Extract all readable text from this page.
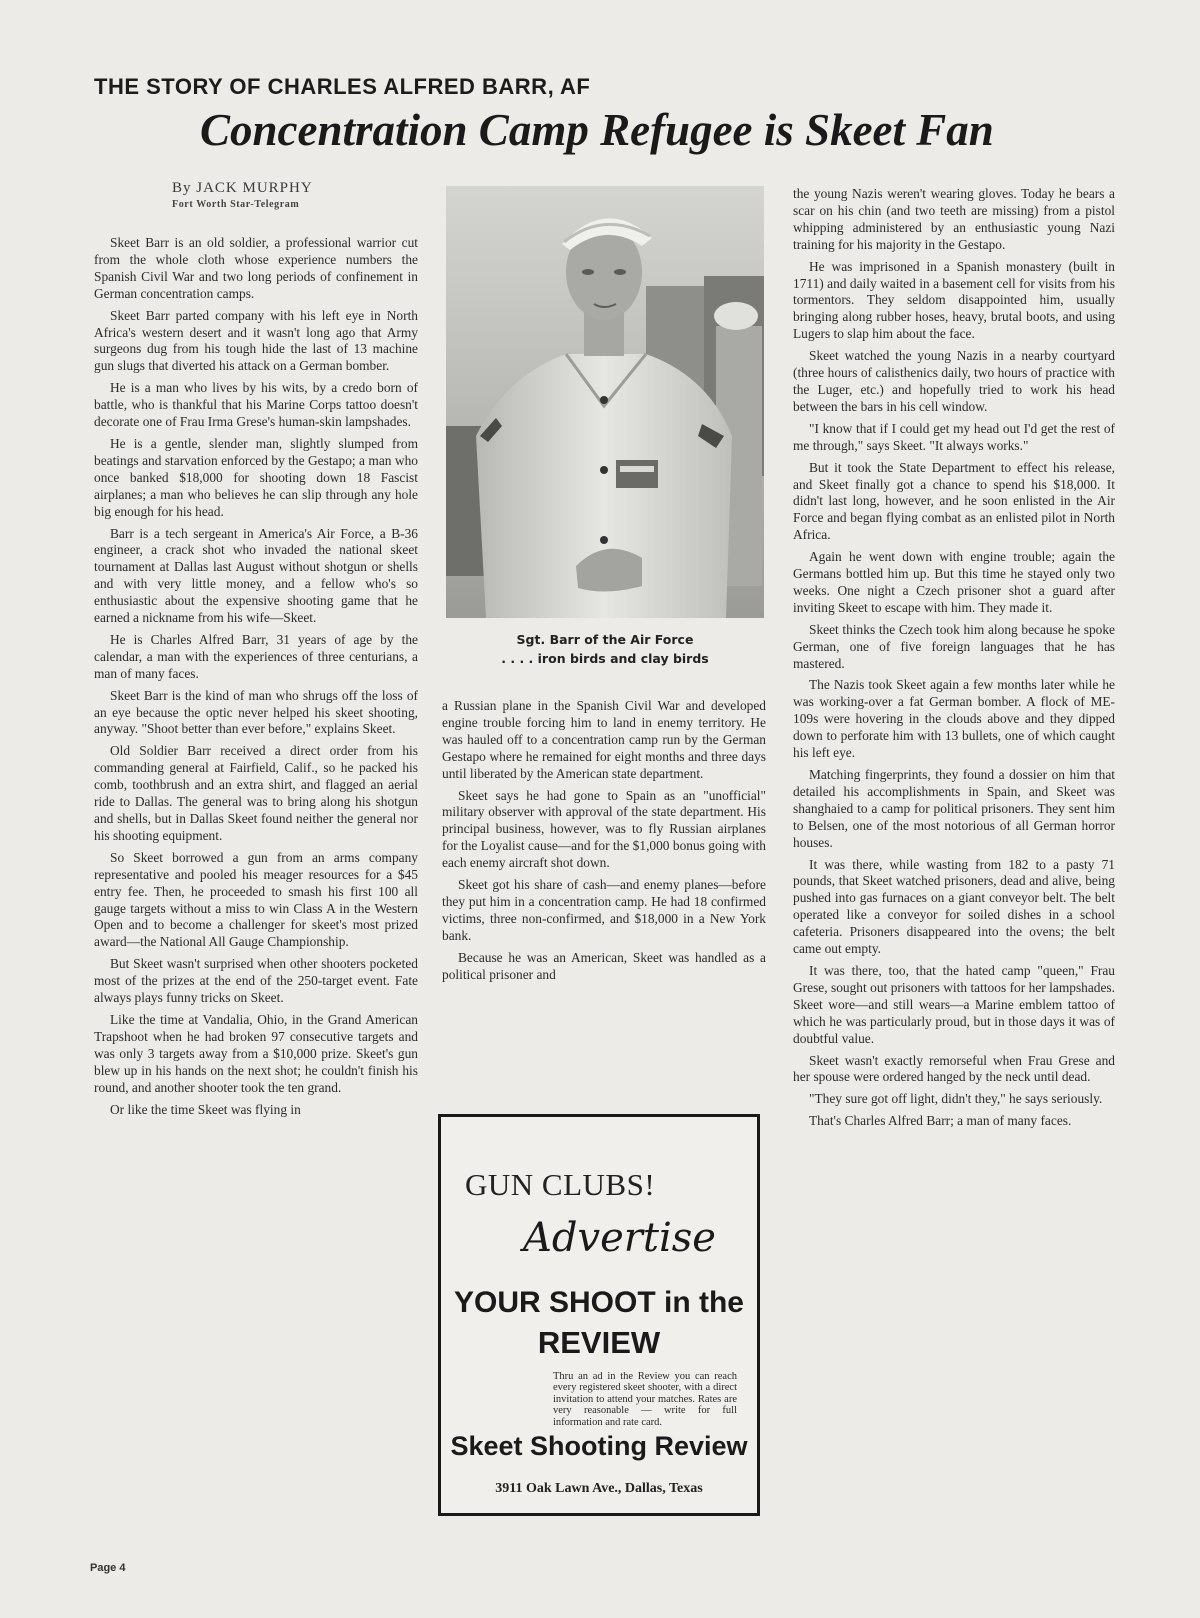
THE STORY OF CHARLES ALFRED BARR, AF
Concentration Camp Refugee is Skeet Fan
By JACK MURPHY
Fort Worth Star-Telegram

Skeet Barr is an old soldier, a professional warrior cut from the whole cloth whose experience numbers the Spanish Civil War and two long periods of confinement in German concentration camps.

Skeet Barr parted company with his left eye in North Africa's western desert and it wasn't long ago that Army surgeons dug from his tough hide the last of 13 machine gun slugs that diverted his attack on a German bomber.

He is a man who lives by his wits, by a credo born of battle, who is thankful that his Marine Corps tattoo doesn't decorate one of Frau Irma Grese's human-skin lampshades.

He is a gentle, slender man, slightly slumped from beatings and starvation enforced by the Gestapo; a man who once banked $18,000 for shooting down 18 Fascist airplanes; a man who believes he can slip through any hole big enough for his head.

Barr is a tech sergeant in America's Air Force, a B-36 engineer, a crack shot who invaded the national skeet tournament at Dallas last August without shotgun or shells and with very little money, and a fellow who's so enthusiastic about the expensive shooting game that he earned a nickname from his wife—Skeet.

He is Charles Alfred Barr, 31 years of age by the calendar, a man with the experiences of three centurians, a man of many faces.

Skeet Barr is the kind of man who shrugs off the loss of an eye because the optic never helped his skeet shooting, anyway. "Shoot better than ever before," explains Skeet.

Old Soldier Barr received a direct order from his commanding general at Fairfield, Calif., so he packed his comb, toothbrush and an extra shirt, and flagged an aerial ride to Dallas. The general was to bring along his shotgun and shells, but in Dallas Skeet found neither the general nor his shooting equipment.

So Skeet borrowed a gun from an arms company representative and pooled his meager resources for a $45 entry fee. Then, he proceeded to smash his first 100 all gauge targets without a miss to win Class A in the Western Open and to become a challenger for skeet's most prized award—the National All Gauge Championship.

But Skeet wasn't surprised when other shooters pocketed most of the prizes at the end of the 250-target event. Fate always plays funny tricks on Skeet.

Like the time at Vandalia, Ohio, in the Grand American Trapshoot when he had broken 97 consecutive targets and was only 3 targets away from a $10,000 prize. Skeet's gun blew up in his hands on the next shot; he couldn't finish his round, and another shooter took the ten grand.

Or like the time Skeet was flying in

Sgt. Barr of the Air Force
. . . . iron birds and clay birds

a Russian plane in the Spanish Civil War and developed engine trouble forcing him to land in enemy territory. He was hauled off to a concentration camp run by the German Gestapo where he remained for eight months and three days until liberated by the American state department.

Skeet says he had gone to Spain as an "unofficial" military observer with approval of the state department. His principal business, however, was to fly Russian airplanes for the Loyalist cause—and for the $1,000 bonus going with each enemy aircraft shot down.

Skeet got his share of cash—and enemy planes—before they put him in a concentration camp. He had 18 confirmed victims, three non-confirmed, and $18,000 in a New York bank.

Because he was an American, Skeet was handled as a political prisoner and

GUN CLUBS!
Advertise
YOUR SHOOT in the
REVIEW
Thru an ad in the Review you can reach every registered skeet shooter, with a direct invitation to attend your matches. Rates are very reasonable — write for full information and rate card.
Skeet Shooting Review
3911 Oak Lawn Ave., Dallas, Texas

the young Nazis weren't wearing gloves. Today he bears a scar on his chin (and two teeth are missing) from a pistol whipping administered by an enthusiastic young Nazi training for his majority in the Gestapo.

He was imprisoned in a Spanish monastery (built in 1711) and daily waited in a basement cell for visits from his tormentors. They seldom disappointed him, usually bringing along rubber hoses, heavy, brutal boots, and using Lugers to slap him about the face.

Skeet watched the young Nazis in a nearby courtyard (three hours of calisthenics daily, two hours of practice with the Luger, etc.) and hopefully tried to work his head between the bars in his cell window.

"I know that if I could get my head out I'd get the rest of me through," says Skeet. "It always works."

But it took the State Department to effect his release, and Skeet finally got a chance to spend his $18,000. It didn't last long, however, and he soon enlisted in the Air Force and began flying combat as an enlisted pilot in North Africa.

Again he went down with engine trouble; again the Germans bottled him up. But this time he stayed only two weeks. One night a Czech prisoner shot a guard after inviting Skeet to escape with him. They made it.

Skeet thinks the Czech took him along because he spoke German, one of five foreign languages that he has mastered.

The Nazis took Skeet again a few months later while he was working-over a fat German bomber. A flock of ME-109s were hovering in the clouds above and they dipped down to perforate him with 13 bullets, one of which caught his left eye.

Matching fingerprints, they found a dossier on him that detailed his accomplishments in Spain, and Skeet was shanghaied to a camp for political prisoners. They sent him to Belsen, one of the most notorious of all German horror houses.

It was there, while wasting from 182 to a pasty 71 pounds, that Skeet watched prisoners, dead and alive, being pushed into gas furnaces on a giant conveyor belt. The belt operated like a conveyor for soiled dishes in a school cafeteria. Prisoners disappeared into the ovens; the belt came out empty.

It was there, too, that the hated camp "queen," Frau Grese, sought out prisoners with tattoos for her lampshades. Skeet wore—and still wears—a Marine emblem tattoo of which he was particularly proud, but in those days it was of doubtful value.

Skeet wasn't exactly remorseful when Frau Grese and her spouse were ordered hanged by the neck until dead.

"They sure got off light, didn't they," he says seriously.

That's Charles Alfred Barr; a man of many faces.

Page 4
